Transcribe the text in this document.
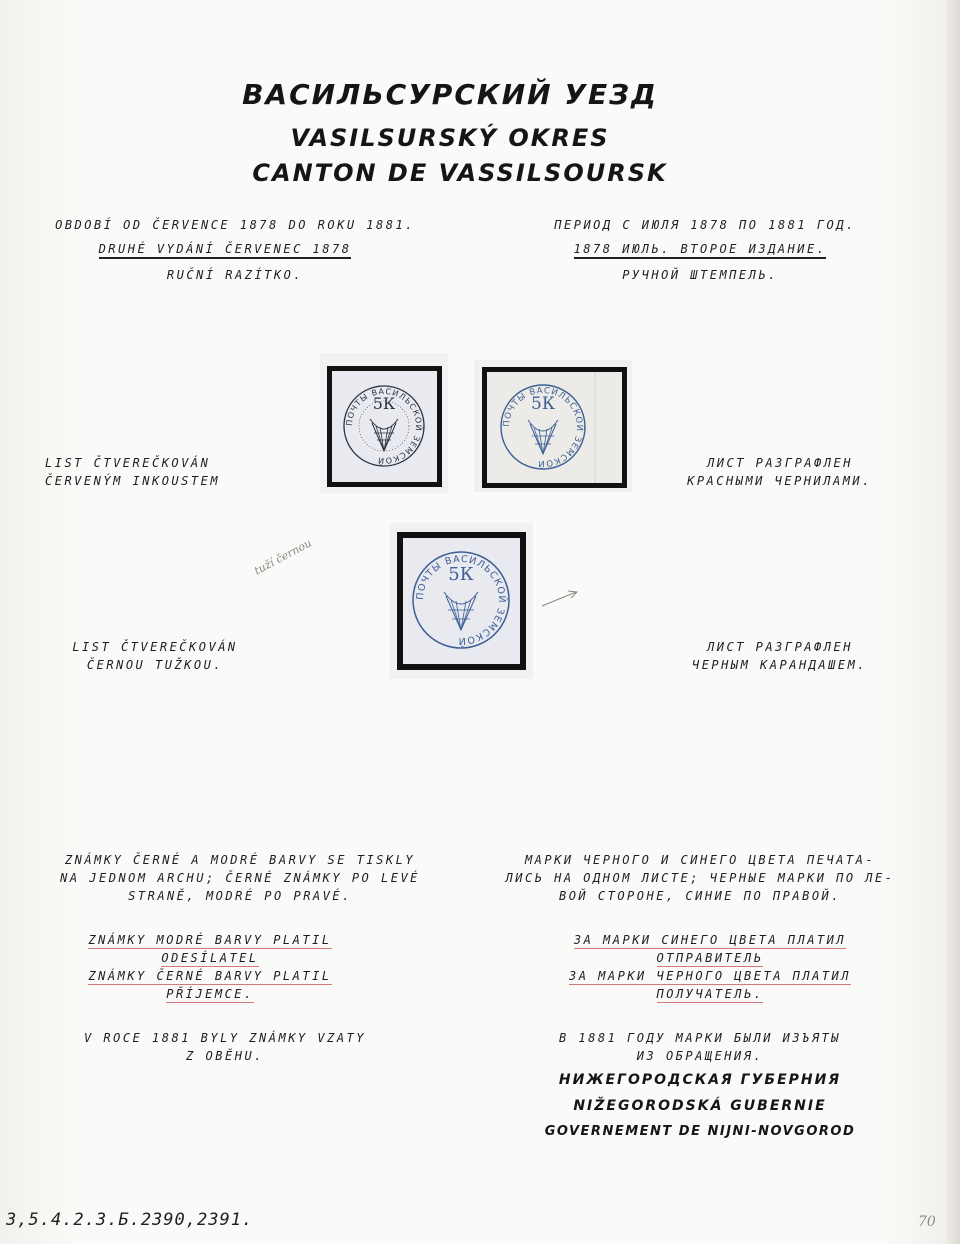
ВАСИЛЬСУРСКИЙ УЕЗД
VASILSURSKÝ OKRES
CANTON DE VASSILSOURSK
OBDOBÍ OD ČERVENCE 1878 DO ROKU 1881.
DRUHÉ VYDÁNÍ ČERVENEC 1878
RUČNÍ RAZÍTKO.
ПЕРИОД С ИЮЛЯ 1878 ПО 1881 ГОД.
1878 ИЮЛЬ. ВТОРОЕ ИЗДАНИЕ.
РУЧНОЙ ШТЕМПЕЛЬ.
5К
ПОЧТЫ ВАСИЛЬСКОЙ ЗЕМСКОЙ
5К
ПОЧТЫ ВАСИЛЬСКОЙ ЗЕМСКОЙ
LIST ČTVEREČKOVÁN
ČERVENÝM INKOUSTEM
ЛИСТ РАЗГРАФЛЕН
КРАСНЫМИ ЧЕРНИЛАМИ.
5К
ПОЧТЫ ВАСИЛЬСКОЙ ЗЕМСКОЙ
tuží černou
LIST ČTVEREČKOVÁN
ČERNOU TUŽKOU.
ЛИСТ РАЗГРАФЛЕН
ЧЕРНЫМ КАРАНДАШЕМ.
ZNÁMKY ČERNÉ A MODRÉ BARVY SE TISKLY
NA JEDNOM ARCHU; ČERNÉ ZNÁMKY PO LEVÉ
STRANĚ, MODRÉ PO PRAVÉ.
ZNÁMKY MODRÉ BARVY PLATIL
ODESÍLATEL
ZNÁMKY ČERNÉ BARVY PLATIL
PŘÍJEMCE.
V ROCE 1881 BYLY ZNÁMKY VZATY
Z OBĚHU.
МАРКИ ЧЕРНОГО И СИНЕГО ЦВЕТА ПЕЧАТА-
ЛИСЬ НА ОДНОМ ЛИСТЕ; ЧЕРНЫЕ МАРКИ ПО ЛЕ-
ВОЙ СТОРОНЕ, СИНИЕ ПО ПРАВОЙ.
ЗА МАРКИ СИНЕГО ЦВЕТА ПЛАТИЛ
ОТПРАВИТЕЛЬ
ЗА МАРКИ ЧЕРНОГО ЦВЕТА ПЛАТИЛ
ПОЛУЧАТЕЛЬ.
В 1881 ГОДУ МАРКИ БЫЛИ ИЗЪЯТЫ
ИЗ ОБРАЩЕНИЯ.
НИЖЕГОРОДСКАЯ ГУБЕРНИЯ
NIŽEGORODSKÁ GUBERNIE
GOVERNEMENT DE NIJNI-NOVGOROD
3,5.4.2.3.Б.2390,2391.	70
